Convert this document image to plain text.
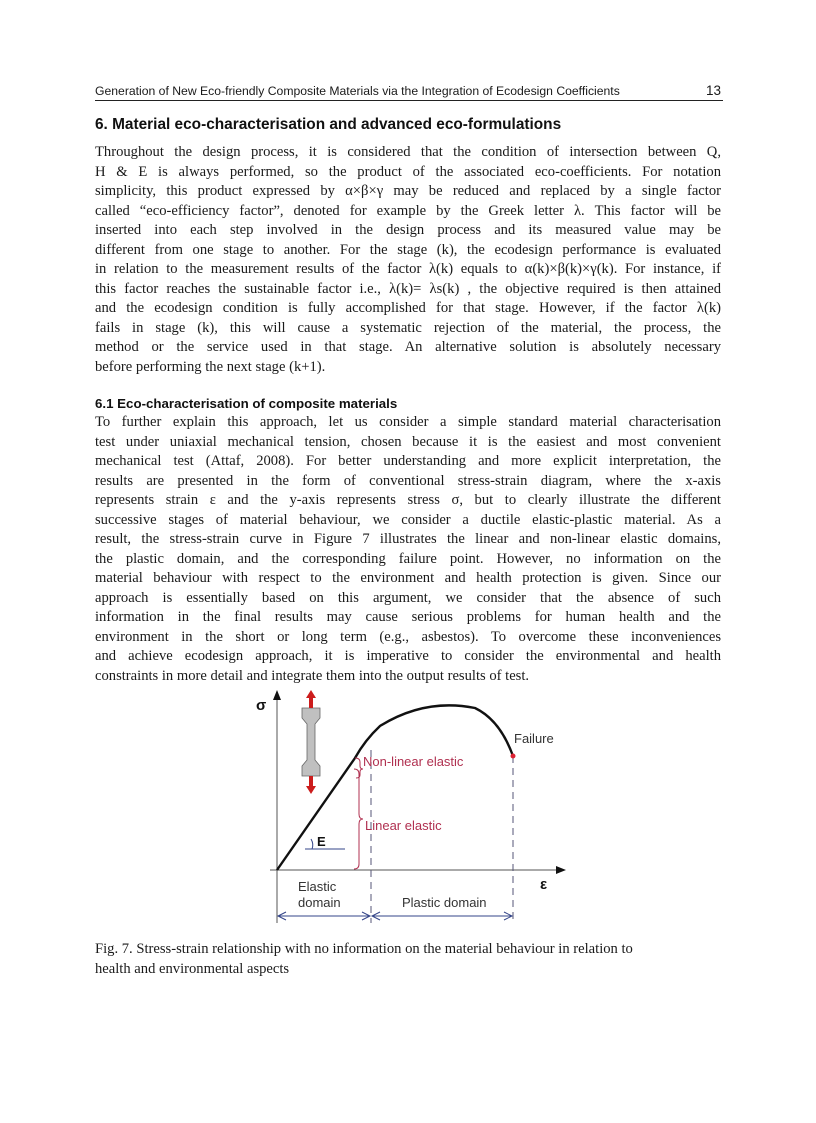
Generation of New Eco-friendly Composite Materials via the Integration of Ecodesign Coefficients	13
6. Material eco-characterisation and advanced eco-formulations
Throughout the design process, it is considered that the condition of intersection between Q,
H & E is always performed, so the product of the associated eco-coefficients. For notation
simplicity, this product expressed by α×β×γ may be reduced and replaced by a single factor
called “eco-efficiency factor”, denoted for example by the Greek letter λ. This factor will be
inserted into each step involved in the design process and its measured value may be
different from one stage to another. For the stage (k), the ecodesign performance is evaluated
in relation to the measurement results of the factor λ(k) equals to α(k)×β(k)×γ(k). For instance, if
this factor reaches the sustainable factor i.e., λ(k)= λs(k) , the objective required is then attained
and the ecodesign condition is fully accomplished for that stage. However, if the factor λ(k)
fails in stage (k), this will cause a systematic rejection of the material, the process, the
method or the service used in that stage. An alternative solution is absolutely necessary
before performing the next stage (k+1).
6.1 Eco-characterisation of composite materials
To further explain this approach, let us consider a simple standard material characterisation
test under uniaxial mechanical tension, chosen because it is the easiest and most convenient
mechanical test (Attaf, 2008). For better understanding and more explicit interpretation, the
results are presented in the form of conventional stress-strain diagram, where the x-axis
represents strain ε and the y-axis represents stress σ, but to clearly illustrate the different
successive stages of material behaviour, we consider a ductile elastic-plastic material. As a
result, the stress-strain curve in Figure 7 illustrates the linear and non-linear elastic domains,
the plastic domain, and the corresponding failure point. However, no information on the
material behaviour with respect to the environment and health protection is given. Since our
approach is essentially based on this argument, we consider that the absence of such
information in the final results may cause serious problems for human health and the
environment in the short or long term (e.g., asbestos). To overcome these inconveniences
and achieve ecodesign approach, it is imperative to consider the environmental and health
constraints in more detail and integrate them into the output results of test.
σ
ε
E
Non-linear elastic
Linear elastic
Failure
Elastic
domain	Plastic domain
Fig. 7. Stress-strain relationship with no information on the material behaviour in relation to
health and environmental aspects
